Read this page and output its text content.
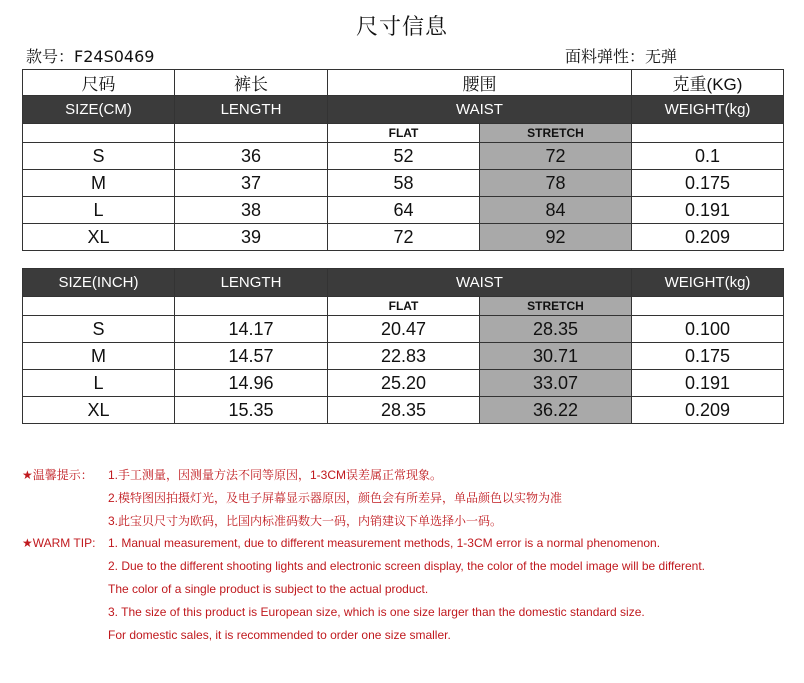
尺寸信息
款号：F24S0469	面料弹性：无弹
尺码	裤长	腰围		克重(KG)
SIZE(CM)	LENGTH	WAIST		WEIGHT(kg)
		FLAT	STRETCH	
S	36	52	72	0.1
M	37	58	78	0.175
L	38	64	84	0.191
XL	39	72	92	0.209
SIZE(INCH)	LENGTH	WAIST		WEIGHT(kg)
		FLAT	STRETCH	
S	14.17	20.47	28.35	0.100
M	14.57	22.83	30.71	0.175
L	14.96	25.20	33.07	0.191
XL	15.35	28.35	36.22	0.209
★温馨提示： 1.手工测量，因测量方法不同等原因，1-3CM误差属正常现象。
2.模特图因拍摄灯光，及电子屏幕显示器原因，颜色会有所差异，单品颜色以实物为准
3.此宝贝尺寸为欧码，比国内标准码数大一码，内销建议下单选择小一码。
★WARM TIP: 1. Manual measurement, due to different measurement methods, 1-3CM error is a normal phenomenon.
2. Due to the different shooting lights and electronic screen display, the color of the model image will be different.
The color of a single product is subject to the actual product.
3. The size of this product is European size, which is one size larger than the domestic standard size.
For domestic sales, it is recommended to order one size smaller.
